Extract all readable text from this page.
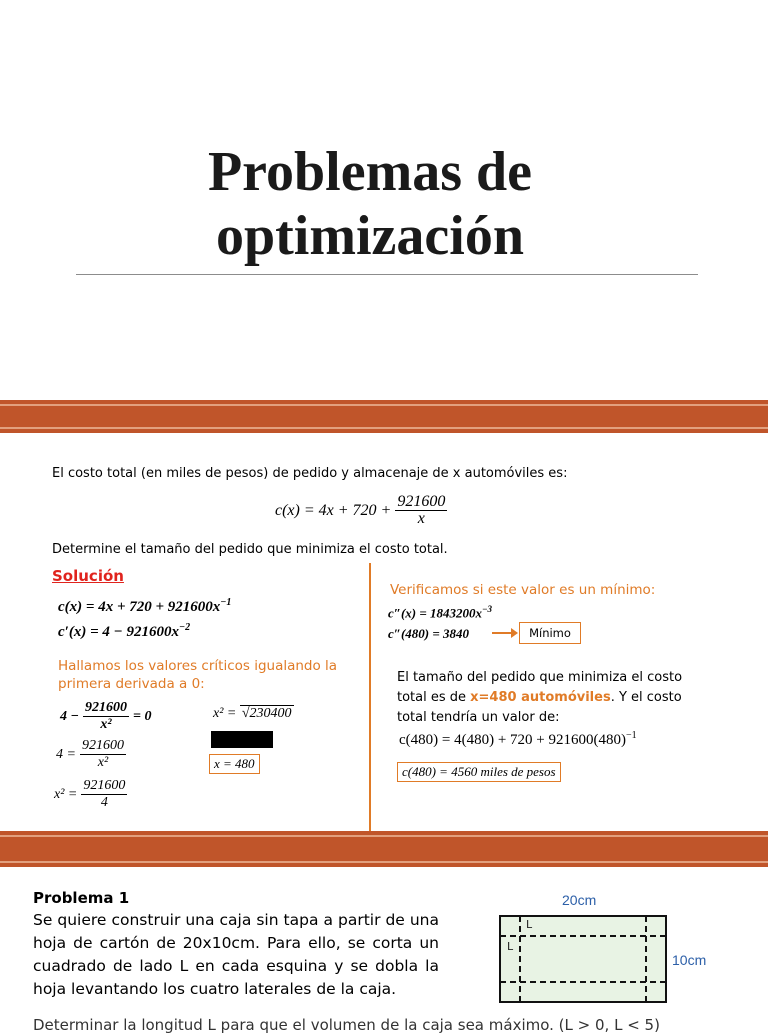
Problemas de
optimización
El costo total (en miles de pesos) de pedido y almacenaje de x automóviles es:
$c(x) = 4x + 720 + \frac{921600}{x}$
Determine el tamaño del pedido que minimiza el costo total.
Solución
$c(x) = 4x + 720 + 921600x^{-1}$
$c'(x) = 4 - 921600x^{-2}$
Hallamos los valores críticos igualando la primera derivada a 0:
$4 - \frac{921600}{\text{x²}} = 0$
$4 = \frac{921600}{\text{x²}}$
$x^2 = \frac{921600}{4}$
x² = √230400
x = 480
Verificamos si este valor es un mínimo:
$c''(x) = 1843200x^{-3}$
c″(480) = 3840	Mínimo
El tamaño del pedido que minimiza el costo total es de x=480 automóviles. Y el costo total tendría un valor de:
$c(480) = 4(480) + 720 + 921600(480)^{-1}$
c(480) = 4560 miles de pesos
Problema 1
Se quiere construir una caja sin tapa a partir de una hoja de cartón de 20x10cm. Para ello, se corta un cuadrado de lado L en cada esquina y se dobla la hoja levantando los cuatro laterales de la caja.
Determinar la longitud L para que el volumen de la caja sea máximo. (L > 0, L < 5)
20cm
L
L
10cm
